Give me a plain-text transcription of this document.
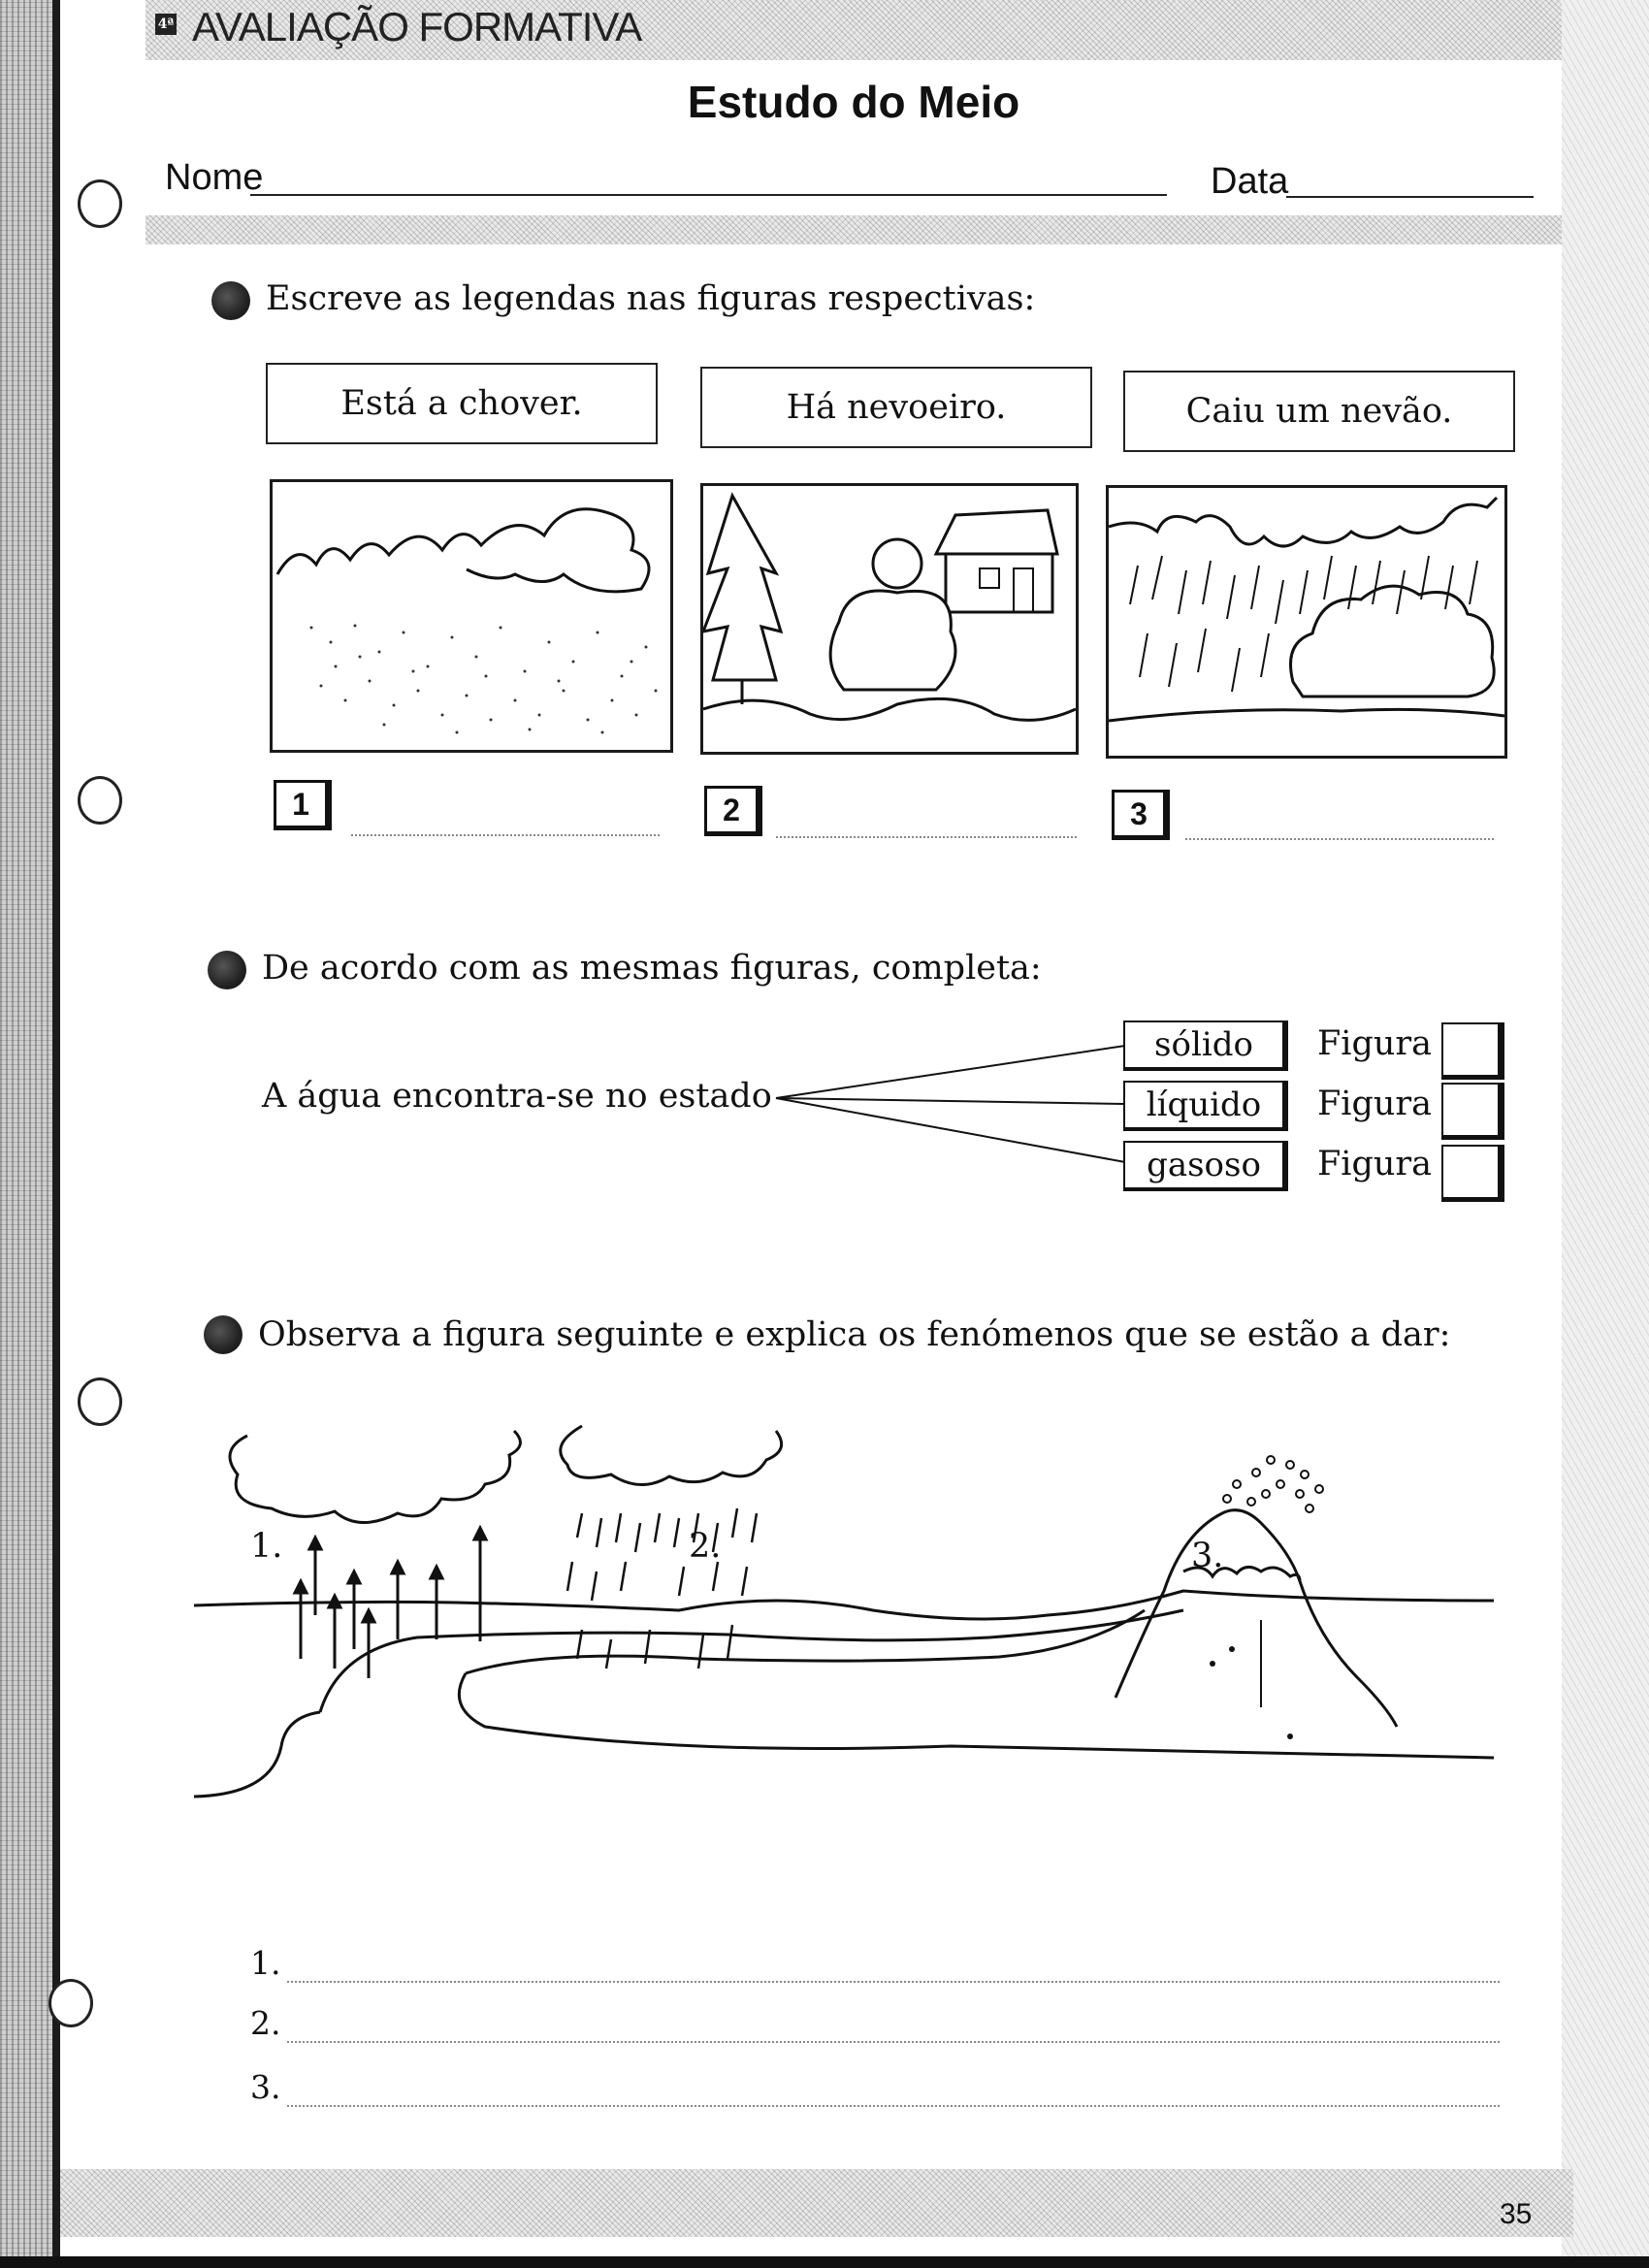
4ª AVALIAÇÃO FORMATIVA
Estudo do Meio
Nome	Data
Escreve as legendas nas figuras respectivas:
Está a chover.	Há nevoeiro.	Caiu um nevão.
1	2	3
De acordo com as mesmas figuras, completa:
A água encontra-se no estado
sólido	Figura
líquido	Figura
gasoso	Figura
Observa a figura seguinte e explica os fenómenos que se estão a dar:
1.	2.	3.
1.
2.
3.
35
